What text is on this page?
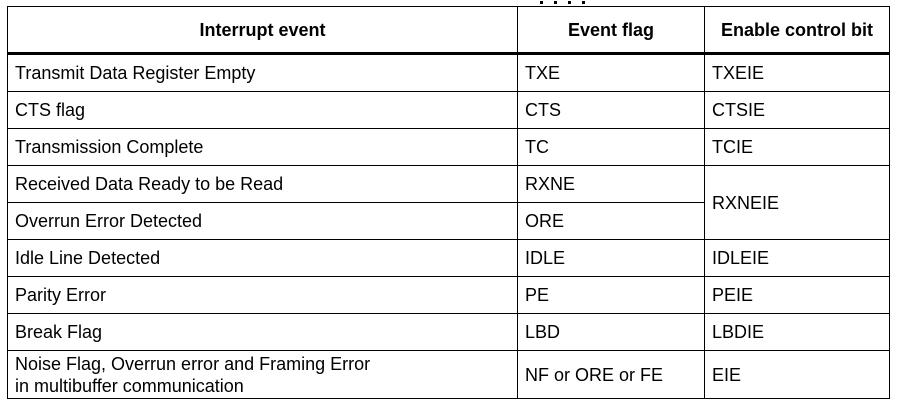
Interrupt event	Event flag	Enable control bit
Transmit Data Register Empty	TXE	TXEIE
CTS flag	CTS	CTSIE
Transmission Complete	TC	TCIE
Received Data Ready to be Read	RXNE	RXNEIE
Overrun Error Detected	ORE	
Idle Line Detected	IDLE	IDLEIE
Parity Error	PE	PEIE
Break Flag	LBD	LBDIE
Noise Flag, Overrun error and Framing Error
in multibuffer communication	NF or ORE or FE	EIE
